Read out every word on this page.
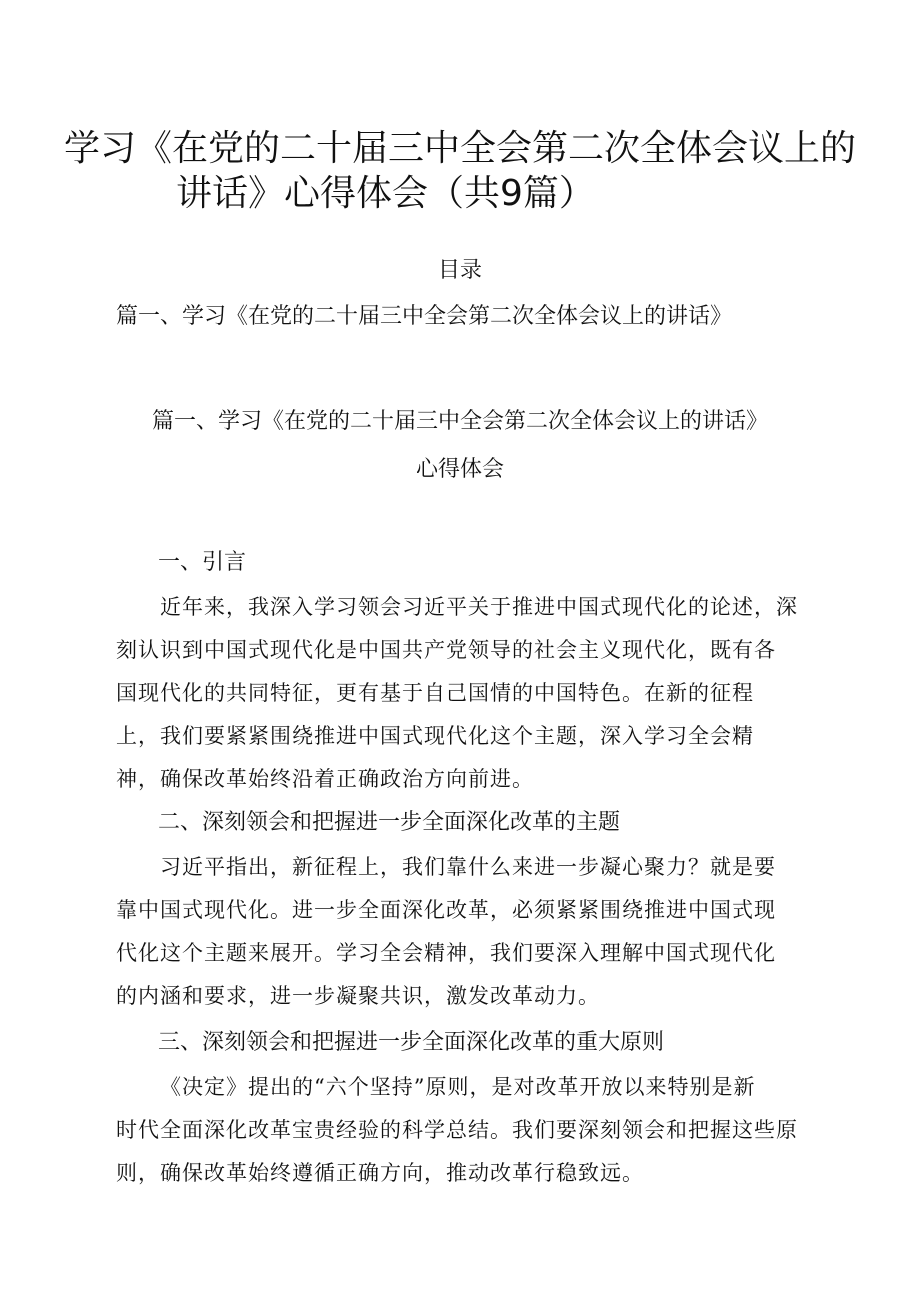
学习《在党的二十届三中全会第二次全体会议上的
讲话》心得体会（共9篇）
目录
篇一、学习《在党的二十届三中全会第二次全体会议上的讲话》
篇一、学习《在党的二十届三中全会第二次全体会议上的讲话》
心得体会
一、引言
近年来，我深入学习领会习近平关于推进中国式现代化的论述，深
刻认识到中国式现代化是中国共产党领导的社会主义现代化，既有各
国现代化的共同特征，更有基于自己国情的中国特色。在新的征程
上，我们要紧紧围绕推进中国式现代化这个主题，深入学习全会精
神，确保改革始终沿着正确政治方向前进。
二、深刻领会和把握进一步全面深化改革的主题
习近平指出，新征程上，我们靠什么来进一步凝心聚力？就是要
靠中国式现代化。进一步全面深化改革，必须紧紧围绕推进中国式现
代化这个主题来展开。学习全会精神，我们要深入理解中国式现代化
的内涵和要求，进一步凝聚共识，激发改革动力。
三、深刻领会和把握进一步全面深化改革的重大原则
《决定》提出的“六个坚持”原则，是对改革开放以来特别是新
时代全面深化改革宝贵经验的科学总结。我们要深刻领会和把握这些原
则，确保改革始终遵循正确方向，推动改革行稳致远。
